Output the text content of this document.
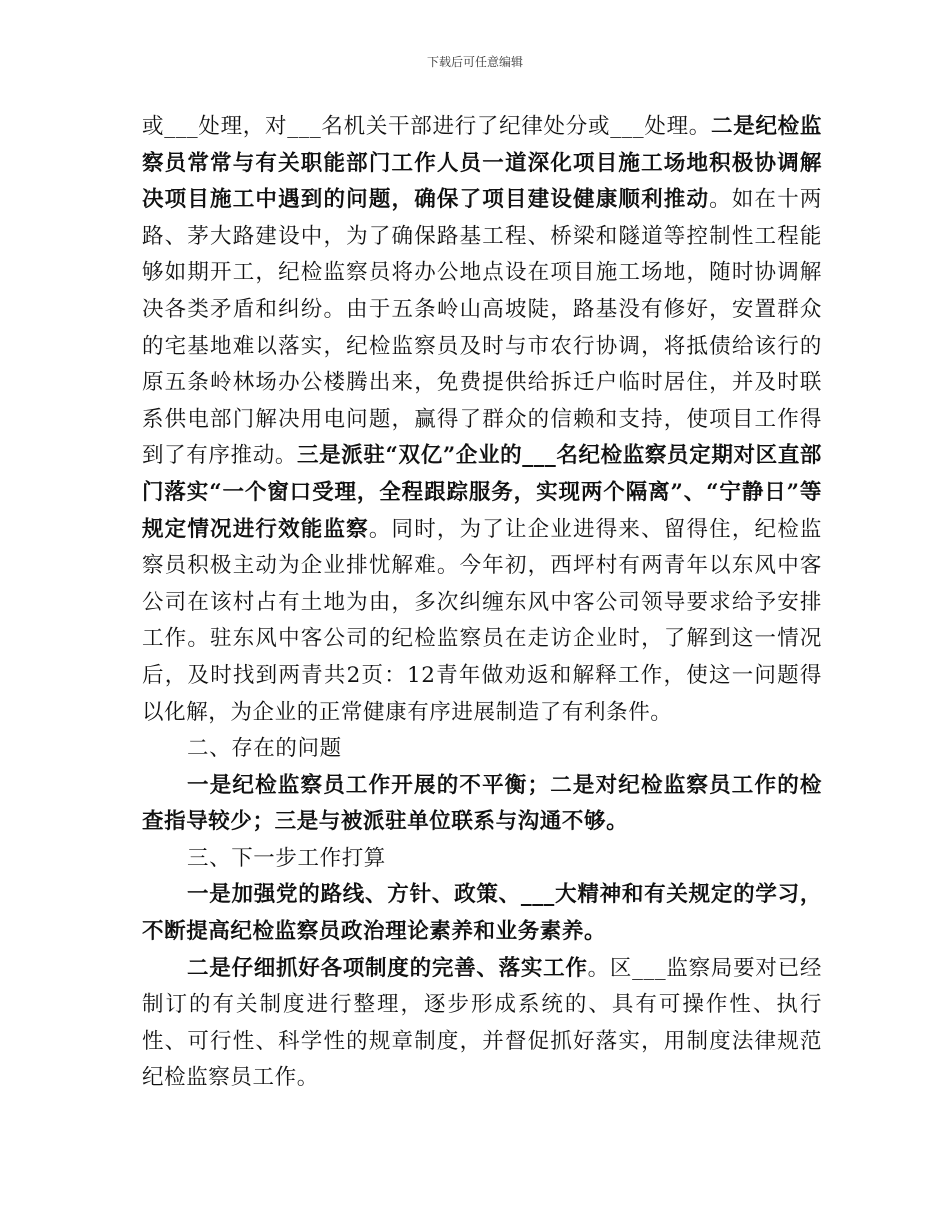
下载后可任意编辑

或___处理，对___名机关干部进行了纪律处分或___处理。二是纪检监察员常常与有关职能部门工作人员一道深化项目施工场地积极协调解决项目施工中遇到的问题，确保了项目建设健康顺利推动。如在十两路、茅大路建设中，为了确保路基工程、桥梁和隧道等控制性工程能够如期开工，纪检监察员将办公地点设在项目施工场地，随时协调解决各类矛盾和纠纷。由于五条岭山高坡陡，路基没有修好，安置群众的宅基地难以落实，纪检监察员及时与市农行协调，将抵债给该行的原五条岭林场办公楼腾出来，免费提供给拆迁户临时居住，并及时联系供电部门解决用电问题，赢得了群众的信赖和支持，使项目工作得到了有序推动。三是派驻“双亿”企业的___名纪检监察员定期对区直部门落实“一个窗口受理，全程跟踪服务，实现两个隔离”、“宁静日”等规定情况进行效能监察。同时，为了让企业进得来、留得住，纪检监察员积极主动为企业排忧解难。今年初，西坪村有两青年以东风中客公司在该村占有土地为由，多次纠缠东风中客公司领导要求给予安排工作。驻东风中客公司的纪检监察员在走访企业时，了解到这一情况后，及时找到两青共2页：12青年做劝返和解释工作，使这一问题得以化解，为企业的正常健康有序进展制造了有利条件。

二、存在的问题

一是纪检监察员工作开展的不平衡；二是对纪检监察员工作的检查指导较少；三是与被派驻单位联系与沟通不够。

三、下一步工作打算

一是加强党的路线、方针、政策、___大精神和有关规定的学习，不断提高纪检监察员政治理论素养和业务素养。

二是仔细抓好各项制度的完善、落实工作。区___监察局要对已经制订的有关制度进行整理，逐步形成系统的、具有可操作性、执行性、可行性、科学性的规章制度，并督促抓好落实，用制度法律规范纪检监察员工作。
